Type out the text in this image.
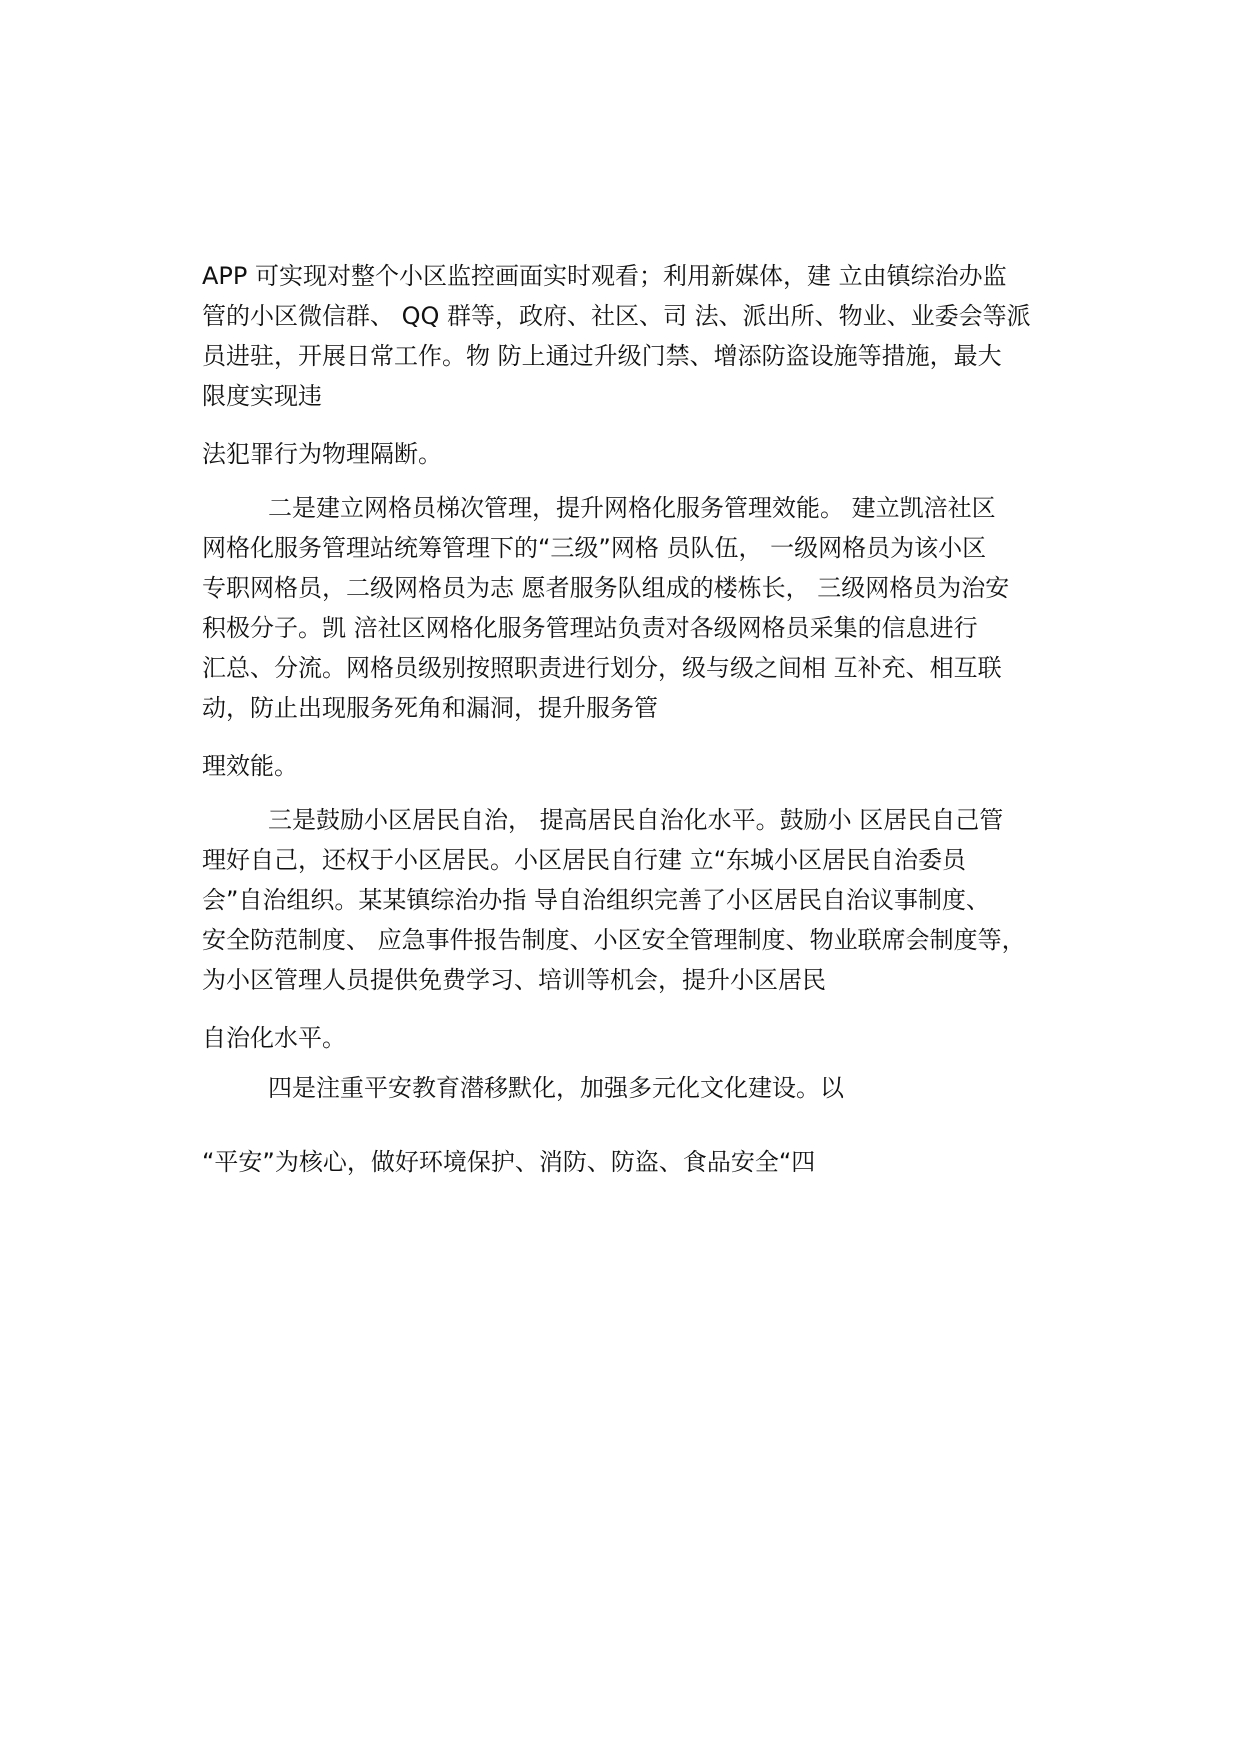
APP 可实现对整个小区监控画面实时观看；利用新媒体，建 立由镇综治办监
管的小区微信群、 QQ 群等，政府、社区、司 法、派出所、物业、业委会等派
员进驻，开展日常工作。物 防上通过升级门禁、增添防盗设施等措施，最大
限度实现违
法犯罪行为物理隔断。
二是建立网格员梯次管理，提升网格化服务管理效能。 建立凯涪社区
网格化服务管理站统筹管理下的“三级”网格 员队伍， 一级网格员为该小区
专职网格员，二级网格员为志 愿者服务队组成的楼栋长， 三级网格员为治安
积极分子。凯 涪社区网格化服务管理站负责对各级网格员采集的信息进行
汇总、分流。网格员级别按照职责进行划分，级与级之间相 互补充、相互联
动，防止出现服务死角和漏洞，提升服务管
理效能。
三是鼓励小区居民自治， 提高居民自治化水平。鼓励小 区居民自己管
理好自己，还权于小区居民。小区居民自行建 立“东城小区居民自治委员
会”自治组织。某某镇综治办指 导自治组织完善了小区居民自治议事制度、
安全防范制度、 应急事件报告制度、小区安全管理制度、物业联席会制度等，
为小区管理人员提供免费学习、培训等机会，提升小区居民
自治化水平。
四是注重平安教育潜移默化，加强多元化文化建设。以
“平安”为核心，做好环境保护、消防、防盗、食品安全“四
